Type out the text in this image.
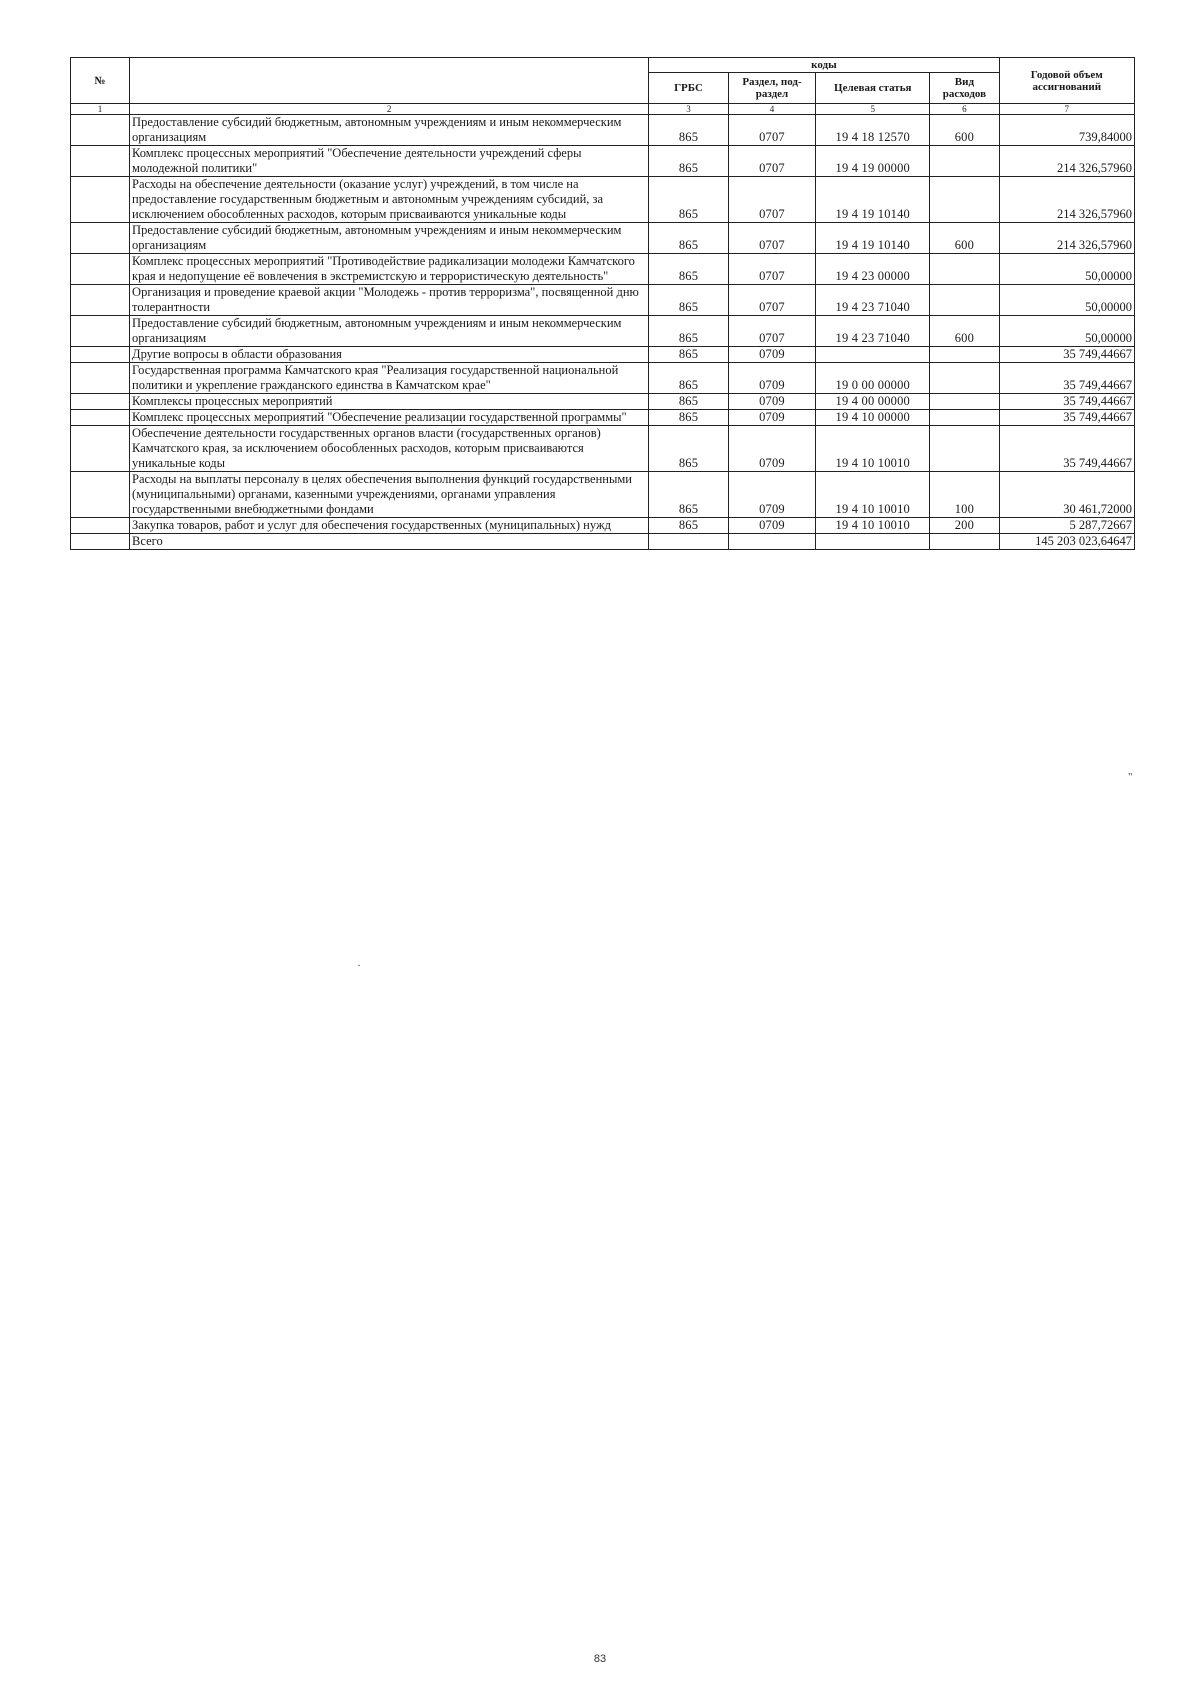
№		коды				Годовой объем ассигнований
		ГРБС	Раздел, под-раздел	Целевая статья	Вид расходов	
1	2	3	4	5	6	7
	Предоставление субсидий бюджетным, автономным учреждениям и иным некоммерческим организациям	865	0707	19 4 18 12570	600	739,84000
	Комплекс процессных мероприятий "Обеспечение деятельности учреждений сферы молодежной политики"	865	0707	19 4 19 00000		214 326,57960
	Расходы на обеспечение деятельности (оказание услуг) учреждений, в том числе на предоставление государственным бюджетным и автономным учреждениям субсидий, за исключением обособленных расходов, которым присваиваются уникальные коды	865	0707	19 4 19 10140		214 326,57960
	Предоставление субсидий бюджетным, автономным учреждениям и иным некоммерческим организациям	865	0707	19 4 19 10140	600	214 326,57960
	Комплекс процессных мероприятий "Противодействие радикализации молодежи Камчатского края и недопущение её вовлечения в экстремистскую и террористическую деятельность"	865	0707	19 4 23 00000		50,00000
	Организация и проведение краевой акции "Молодежь - против терроризма", посвященной дню толерантности	865	0707	19 4 23 71040		50,00000
	Предоставление субсидий бюджетным, автономным учреждениям и иным некоммерческим организациям	865	0707	19 4 23 71040	600	50,00000
	Другие вопросы в области образования	865	0709			35 749,44667
	Государственная программа Камчатского края "Реализация государственной национальной политики и укрепление гражданского единства в Камчатском крае"	865	0709	19 0 00 00000		35 749,44667
	Комплексы процессных мероприятий	865	0709	19 4 00 00000		35 749,44667
	Комплекс процессных мероприятий "Обеспечение реализации государственной программы"	865	0709	19 4 10 00000		35 749,44667
	Обеспечение деятельности государственных органов власти (государственных органов) Камчатского края, за исключением обособленных расходов, которым присваиваются уникальные коды	865	0709	19 4 10 10010		35 749,44667
	Расходы на выплаты персоналу в целях обеспечения выполнения функций государственными (муниципальными) органами, казенными учреждениями, органами управления государственными внебюджетными фондами	865	0709	19 4 10 10010	100	30 461,72000
	Закупка товаров, работ и услуг для обеспечения государственных (муниципальных) нужд	865	0709	19 4 10 10010	200	5 287,72667
	Всего					145 203 023,64647
"
83
